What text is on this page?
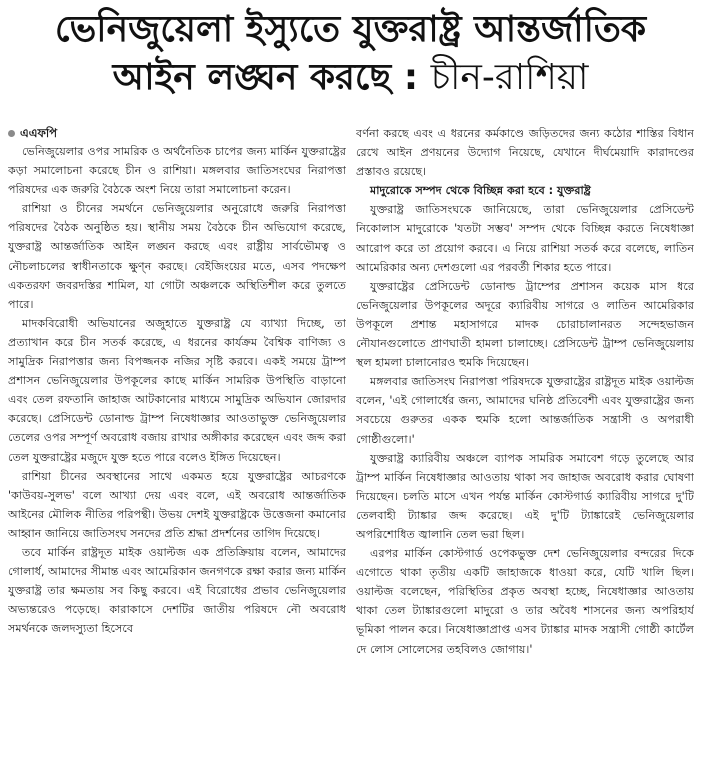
ভেনিজুয়েলা ইস্যুতে যুক্তরাষ্ট্র আন্তর্জাতিক
আইন লঙ্ঘন করছে : চীন-রাশিয়া
এএফপি

ভেনিজুয়েলার ওপর সামরিক ও অর্থনৈতিক চাপের জন্য মার্কিন যুক্তরাষ্ট্রের কড়া সমালোচনা করেছে চীন ও রাশিয়া। মঙ্গলবার জাতিসংঘের নিরাপত্তা পরিষদের এক জরুরি বৈঠকে অংশ নিয়ে তারা সমালোচনা করেন।

রাশিয়া ও চীনের সমর্থনে ভেনিজুয়েলার অনুরোধে জরুরি নিরাপত্তা পরিষদের বৈঠক অনুষ্ঠিত হয়। স্থানীয় সময় বৈঠকে চীন অভিযোগ করেছে, যুক্তরাষ্ট্র আন্তর্জাতিক আইন লঙ্ঘন করছে এবং রাষ্ট্রীয় সার্বভৌমত্ব ও নৌচলাচলের স্বাধীনতাকে ক্ষুণ্ন করছে। বেইজিংয়ের মতে, এসব পদক্ষেপ একতরফা জবরদস্তির শামিল, যা গোটা অঞ্চলকে অস্থিতিশীল করে তুলতে পারে।

মাদকবিরোধী অভিযানের অজুহাতে যুক্তরাষ্ট্র যে ব্যাখ্যা দিচ্ছে, তা প্রত্যাখান করে চীন সতর্ক করেছে, এ ধরনের কার্যক্রম বৈশ্বিক বাণিজ্য ও সামুদ্রিক নিরাপত্তার জন্য বিপজ্জনক নজির সৃষ্টি করবে। একই সময়ে ট্রাম্প প্রশাসন ভেনিজুয়েলার উপকূলের কাছে মার্কিন সামরিক উপস্থিতি বাড়ানো এবং তেল রফতানি জাহাজ আটকানোর মাধ্যমে সামুদ্রিক অভিযান জোরদার করেছে। প্রেসিডেন্ট ডোনাল্ড ট্রাম্প নিষেধাজ্ঞার আওতাভুক্ত ভেনিজুয়েলার তেলের ওপর সম্পূর্ণ অবরোধ বজায় রাখার অঙ্গীকার করেছেন এবং জব্দ করা তেল যুক্তরাষ্ট্রের মজুদে যুক্ত হতে পারে বলেও ইঙ্গিত দিয়েছেন।

রাশিয়া চীনের অবস্থানের সাথে একমত হয়ে যুক্তরাষ্ট্রের আচরণকে 'কাউবয়-সুলভ' বলে আখ্যা দেয় এবং বলে, এই অবরোধ আন্তর্জাতিক আইনের মৌলিক নীতির পরিপন্থী। উভয় দেশই যুক্তরাষ্ট্রকে উত্তেজনা কমানোর আহ্বান জানিয়ে জাতিসংঘ সনদের প্রতি শ্রদ্ধা প্রদর্শনের তাগিদ দিয়েছে।

তবে মার্কিন রাষ্ট্রদূত মাইক ওয়াল্টজ এক প্রতিক্রিয়ায় বলেন, আমাদের গোলার্ধ, আমাদের সীমান্ত এবং আমেরিকান জনগণকে রক্ষা করার জন্য মার্কিন যুক্তরাষ্ট্র তার ক্ষমতায় সব কিছু করবে। এই বিরোধের প্রভাব ভেনিজুয়েলার অভ্যন্তরেও পড়েছে। কারাকাসে দেশটির জাতীয় পরিষদে নৌ অবরোধ সমর্থনকে জলদস্যুতা হিসেবে

বর্ণনা করছে এবং এ ধরনের কর্মকাণ্ডে জড়িতদের জন্য কঠোর শাস্তির বিধান রেখে আইন প্রণয়নের উদ্যোগ নিয়েছে, যেখানে দীর্ঘমেয়াদি কারাদণ্ডের প্রস্তাবও রয়েছে।

মাদুরোকে সম্পদ থেকে বিচ্ছিন্ন করা হবে : যুক্তরাষ্ট্র

যুক্তরাষ্ট্র জাতিসংঘকে জানিয়েছে, তারা ভেনিজুয়েলার প্রেসিডেন্ট নিকোলাস মাদুরোকে 'যতটা সম্ভব' সম্পদ থেকে বিচ্ছিন্ন করতে নিষেধাজ্ঞা আরোপ করে তা প্রয়োগ করবে। এ নিয়ে রাশিয়া সতর্ক করে বলেছে, লাতিন আমেরিকার অন্য দেশগুলো এর পরবর্তী শিকার হতে পারে।

যুক্তরাষ্ট্রের প্রেসিডেন্ট ডোনাল্ড ট্রাম্পের প্রশাসন কয়েক মাস ধরে ভেনিজুয়েলার উপকূলের অদূরে ক্যারিবীয় সাগরে ও লাতিন আমেরিকার উপকূলে প্রশান্ত মহাসাগরে মাদক চোরাচালানরত সন্দেহভাজন নৌযানগুলোতে প্রাণঘাতী হামলা চালাচ্ছে। প্রেসিডেন্ট ট্রাম্প ভেনিজুয়েলায় স্থল হামলা চালানোরও হুমকি দিয়েছেন।

মঙ্গলবার জাতিসংঘ নিরাপত্তা পরিষদকে যুক্তরাষ্ট্রের রাষ্ট্রদূত মাইক ওয়াল্টজ বলেন, 'এই গোলার্ধের জন্য, আমাদের ঘনিষ্ঠ প্রতিবেশী এবং যুক্তরাষ্ট্রের জন্য সবচেয়ে গুরুতর একক হুমকি হলো আন্তর্জাতিক সন্ত্রাসী ও অপরাধী গোষ্ঠীগুলো।'

যুক্তরাষ্ট্র ক্যারিবীয় অঞ্চলে ব্যাপক সামরিক সমাবেশ গড়ে তুলেছে আর ট্রাম্প মার্কিন নিষেধাজ্ঞার আওতায় থাকা সব জাহাজ অবরোধ করার ঘোষণা দিয়েছেন। চলতি মাসে এখন পর্যন্ত মার্কিন কোস্টগার্ড ক্যারিবীয় সাগরে দু'টি তেলবাহী ট্যাঙ্কার জব্দ করেছে। এই দু'টি ট্যাঙ্কারেই ভেনিজুয়েলার অপরিশোধিত জ্বালানি তেল ভরা ছিল।

এরপর মার্কিন কোস্টগার্ড ওপেকভুক্ত দেশ ভেনিজুয়েলার বন্দরের দিকে এগোতে থাকা তৃতীয় একটি জাহাজকে ধাওয়া করে, যেটি খালি ছিল। ওয়াল্টজ বলেছেন, পরিস্থিতির প্রকৃত অবস্থা হচ্ছে, নিষেধাজ্ঞার আওতায় থাকা তেল ট্যাঙ্কারগুলো মাদুরো ও তার অবৈধ শাসনের জন্য অপরিহার্য ভূমিকা পালন করে। নিষেধাজ্ঞাপ্রাপ্ত এসব ট্যাঙ্কার মাদক সন্ত্রাসী গোষ্ঠী কার্টেল দে লোস সোলেসের তহবিলও জোগায়।'
